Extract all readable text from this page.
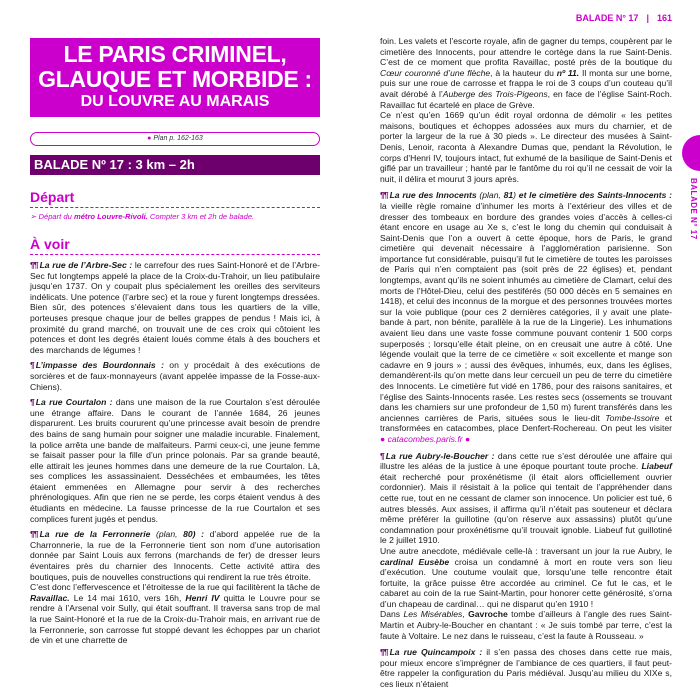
BALADE N° 17 | 161
BALADE N° 17
LE PARIS CRIMINEL,
GLAUQUE ET MORBIDE :
DU LOUVRE AU MARAIS
● Plan p. 162-163
BALADE Nº 17 : 3 km – 2h
Départ
➢ Départ du métro Louvre-Rivoli. Compter 3 km et 2h de balade.
À voir

¶¶ La rue de l’Arbre-Sec : le carrefour des rues Saint-Honoré et de l’Arbre-Sec fut longtemps appelé la place de la Croix-du-Trahoir, un lieu patibulaire jusqu’en 1737. On y coupait plus spécialement les oreilles des serviteurs indélicats. Une potence (l’arbre sec) et la roue y furent longtemps dressées. Bien sûr, des potences s’élevaient dans tous les quartiers de la ville, porteuses presque chaque jour de belles grappes de pendus ! Mais ici, à proximité du grand marché, on trouvait une de ces croix qui côtoient les potences et dont les degrés étaient loués comme étals à des bouchers et des marchands de légumes !

¶ L’impasse des Bourdonnais : on y procédait à des exécutions de sorcières et de faux-monnayeurs (avant appelée impasse de la Fosse-aux-Chiens).

¶ La rue Courtalon : dans une maison de la rue Courtalon s’est déroulée une étrange affaire. Dans le courant de l’année 1684, 26 jeunes disparurent. Les bruits coururent qu’une princesse avait besoin de prendre des bains de sang humain pour soigner une maladie incurable. Finalement, la police arrêta une bande de malfaiteurs. Parmi ceux-ci, une jeune femme se faisait passer pour la fille d’un prince polonais. Par sa grande beauté, elle attirait les jeunes hommes dans une demeure de la rue Courtalon. Là, ses complices les assassinaient. Desséchées et embaumées, les têtes étaient emmenées en Allemagne pour servir à des recherches phrénologiques. Afin que rien ne se perde, les corps étaient vendus à des étudiants en médecine. La fausse princesse de la rue Courtalon et ses complices furent jugés et pendus.

¶¶ La rue de la Ferronnerie (plan, 80) : d’abord appelée rue de la Charronnerie, la rue de la Ferronnerie tient son nom d’une autorisation donnée par Saint Louis aux ferrons (marchands de fer) de dresser leurs éventaires près du charnier des Innocents. Cette activité attira des boutiques, puis de nouvelles constructions qui rendirent la rue très étroite.

C’est donc l’effervescence et l’étroitesse de la rue qui facilitèrent la tâche de Ravaillac. Le 14 mai 1610, vers 16h, Henri IV quitta le Louvre pour se rendre à l’Arsenal voir Sully, qui était souffrant. Il traversa sans trop de mal la rue Saint-Honoré et la rue de la Croix-du-Trahoir mais, en arrivant rue de la Ferronnerie, son carrosse fut stoppé devant les échoppes par un chariot de vin et une charrette de

foin. Les valets et l’escorte royale, afin de gagner du temps, coupèrent par le cimetière des Innocents, pour attendre le cortège dans la rue Saint-Denis. C’est de ce moment que profita Ravaillac, posté près de la boutique du Cœur couronné d’une flèche, à la hauteur du nº 11. Il monta sur une borne, puis sur une roue de carrosse et frappa le roi de 3 coups d’un couteau qu’il avait dérobé à l’Auberge des Trois-Pigeons, en face de l’église Saint-Roch. Ravaillac fut écartelé en place de Grève.

Ce n’est qu’en 1669 qu’un édit royal ordonna de démolir « les petites maisons, boutiques et échoppes adossées aux murs du charnier, et de porter la largeur de la rue à 30 pieds ». Le directeur des musées à Saint-Denis, Lenoir, raconta à Alexandre Dumas que, pendant la Révolution, le corps d’Henri IV, toujours intact, fut exhumé de la basilique de Saint-Denis et giflé par un travailleur ; hanté par le fantôme du roi qu’il ne cessait de voir la nuit, il délira et mourut 3 jours après.

¶¶ La rue des Innocents (plan, 81) et le cimetière des Saints-Innocents : la vieille règle romaine d’inhumer les morts à l’extérieur des villes et de dresser des tombeaux en bordure des grandes voies d’accès à celles-ci étant encore en usage au Xe s, c’est le long du chemin qui conduisait à Saint-Denis que l’on a ouvert à cette époque, hors de Paris, le grand cimetière qui devenait nécessaire à l’agglomération parisienne. Son importance fut considérable, puisqu’il fut le cimetière de toutes les paroisses de Paris qui n’en comptaient pas (soit près de 22 églises) et, pendant longtemps, avant qu’ils ne soient inhumés au cimetière de Clamart, celui des morts de l’Hôtel-Dieu, celui des pestiférés (50 000 décès en 5 semaines en 1418), et celui des inconnus de la morgue et des personnes trouvées mortes sur la voie publique (pour ces 2 dernières catégories, il y avait une plate-bande à part, non bénite, parallèle à la rue de la Lingerie). Les inhumations avaient lieu dans une vaste fosse commune pouvant contenir 1 500 corps superposés ; lorsqu’elle était pleine, on en creusait une autre à côté. Une légende voulait que la terre de ce cimetière « soit excellente et mange son cadavre en 9 jours » ; aussi des évêques, inhumés, eux, dans les églises, demandèrent-ils qu’on mette dans leur cercueil un peu de terre du cimetière des Innocents. Le cimetière fut vidé en 1786, pour des raisons sanitaires, et l’église des Saints-Innocents rasée. Les restes secs (ossements se trouvant dans les charniers sur une profondeur de 1,50 m) furent transférés dans les anciennes carrières de Paris, situées sous le lieu-dit Tombe-Issoire et transformées en catacombes, place Denfert-Rochereau. On peut les visiter ● catacombes.paris.fr ●

¶ La rue Aubry-le-Boucher : dans cette rue s’est déroulée une affaire qui illustre les aléas de la justice à une époque pourtant toute proche. Liabeuf était recherché pour proxénétisme (il était alors officiellement ouvrier cordonnier). Mais il résistait à la police qui tentait de l’appréhender dans cette rue, tout en ne cessant de clamer son innocence. Un policier est tué, 6 autres blessés. Aux assises, il affirma qu’il n’était pas souteneur et déclara même préférer la guillotine (qu’on réserve aux assassins) plutôt qu’une condamnation pour proxénétisme qu’il trouvait ignoble. Liabeuf fut guillotiné le 2 juillet 1910.

Une autre anecdote, médiévale celle-là : traversant un jour la rue Aubry, le cardinal Eusèbe croisa un condamné à mort en route vers son lieu d’exécution. Une coutume voulait que, lorsqu’une telle rencontre était fortuite, la grâce puisse être accordée au criminel. Ce fut le cas, et le cabaret au coin de la rue Saint-Martin, pour honorer cette générosité, s’orna d’un chapeau de cardinal… qui ne disparut qu’en 1910 !

Dans Les Misérables, Gavroche tombe d’ailleurs à l’angle des rues Saint-Martin et Aubry-le-Boucher en chantant : « Je suis tombé par terre, c’est la faute à Voltaire. Le nez dans le ruisseau, c’est la faute à Rousseau. »

¶¶ La rue Quincampoix : il s’en passa des choses dans cette rue mais, pour mieux encore s’imprégner de l’ambiance de ces quartiers, il faut peut-être rappeler la configuration du Paris médiéval. Jusqu’au milieu du XIXe s, ces lieux n’étaient
